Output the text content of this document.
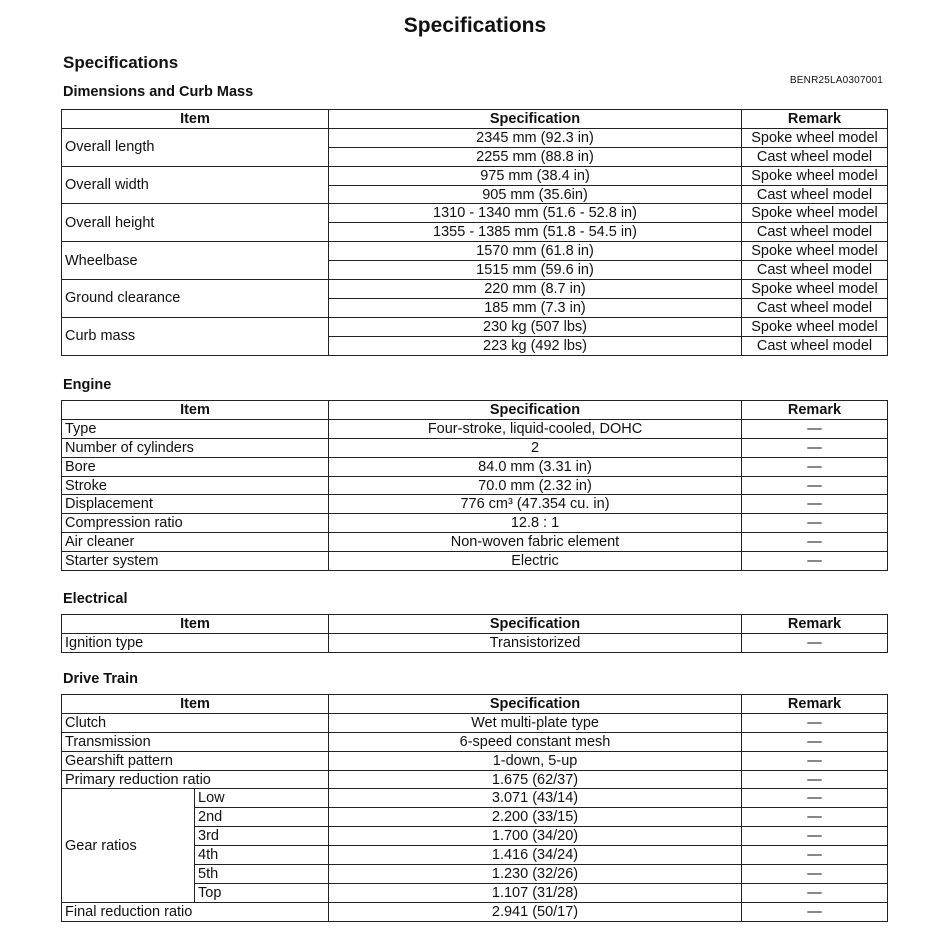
Specifications
Specifications
BENR25LA0307001
Dimensions and Curb Mass
Item	Specification	Remark
Overall length	2345 mm (92.3 in)	Spoke wheel model
	2255 mm (88.8 in)	Cast wheel model
Overall width	975 mm (38.4 in)	Spoke wheel model
	905 mm (35.6in)	Cast wheel model
Overall height	1310 - 1340 mm (51.6 - 52.8 in)	Spoke wheel model
	1355 - 1385 mm (51.8 - 54.5 in)	Cast wheel model
Wheelbase	1570 mm (61.8 in)	Spoke wheel model
	1515 mm (59.6 in)	Cast wheel model
Ground clearance	220 mm (8.7 in)	Spoke wheel model
	185 mm (7.3 in)	Cast wheel model
Curb mass	230 kg (507 lbs)	Spoke wheel model
	223 kg (492 lbs)	Cast wheel model
Engine
Item	Specification	Remark
Type	Four-stroke, liquid-cooled, DOHC	—
Number of cylinders	2	—
Bore	84.0 mm (3.31 in)	—
Stroke	70.0 mm (2.32 in)	—
Displacement	776 cm³ (47.354 cu. in)	—
Compression ratio	12.8 : 1	—
Air cleaner	Non-woven fabric element	—
Starter system	Electric	—
Electrical
Item	Specification	Remark
Ignition type	Transistorized	—
Drive Train
Item		Specification	Remark
Clutch		Wet multi-plate type	—
Transmission		6-speed constant mesh	—
Gearshift pattern		1-down, 5-up	—
Primary reduction ratio		1.675 (62/37)	—
Gear ratios	Low	3.071 (43/14)	—
	2nd	2.200 (33/15)	—
	3rd	1.700 (34/20)	—
	4th	1.416 (34/24)	—
	5th	1.230 (32/26)	—
	Top	1.107 (31/28)	—
Final reduction ratio		2.941 (50/17)	—
